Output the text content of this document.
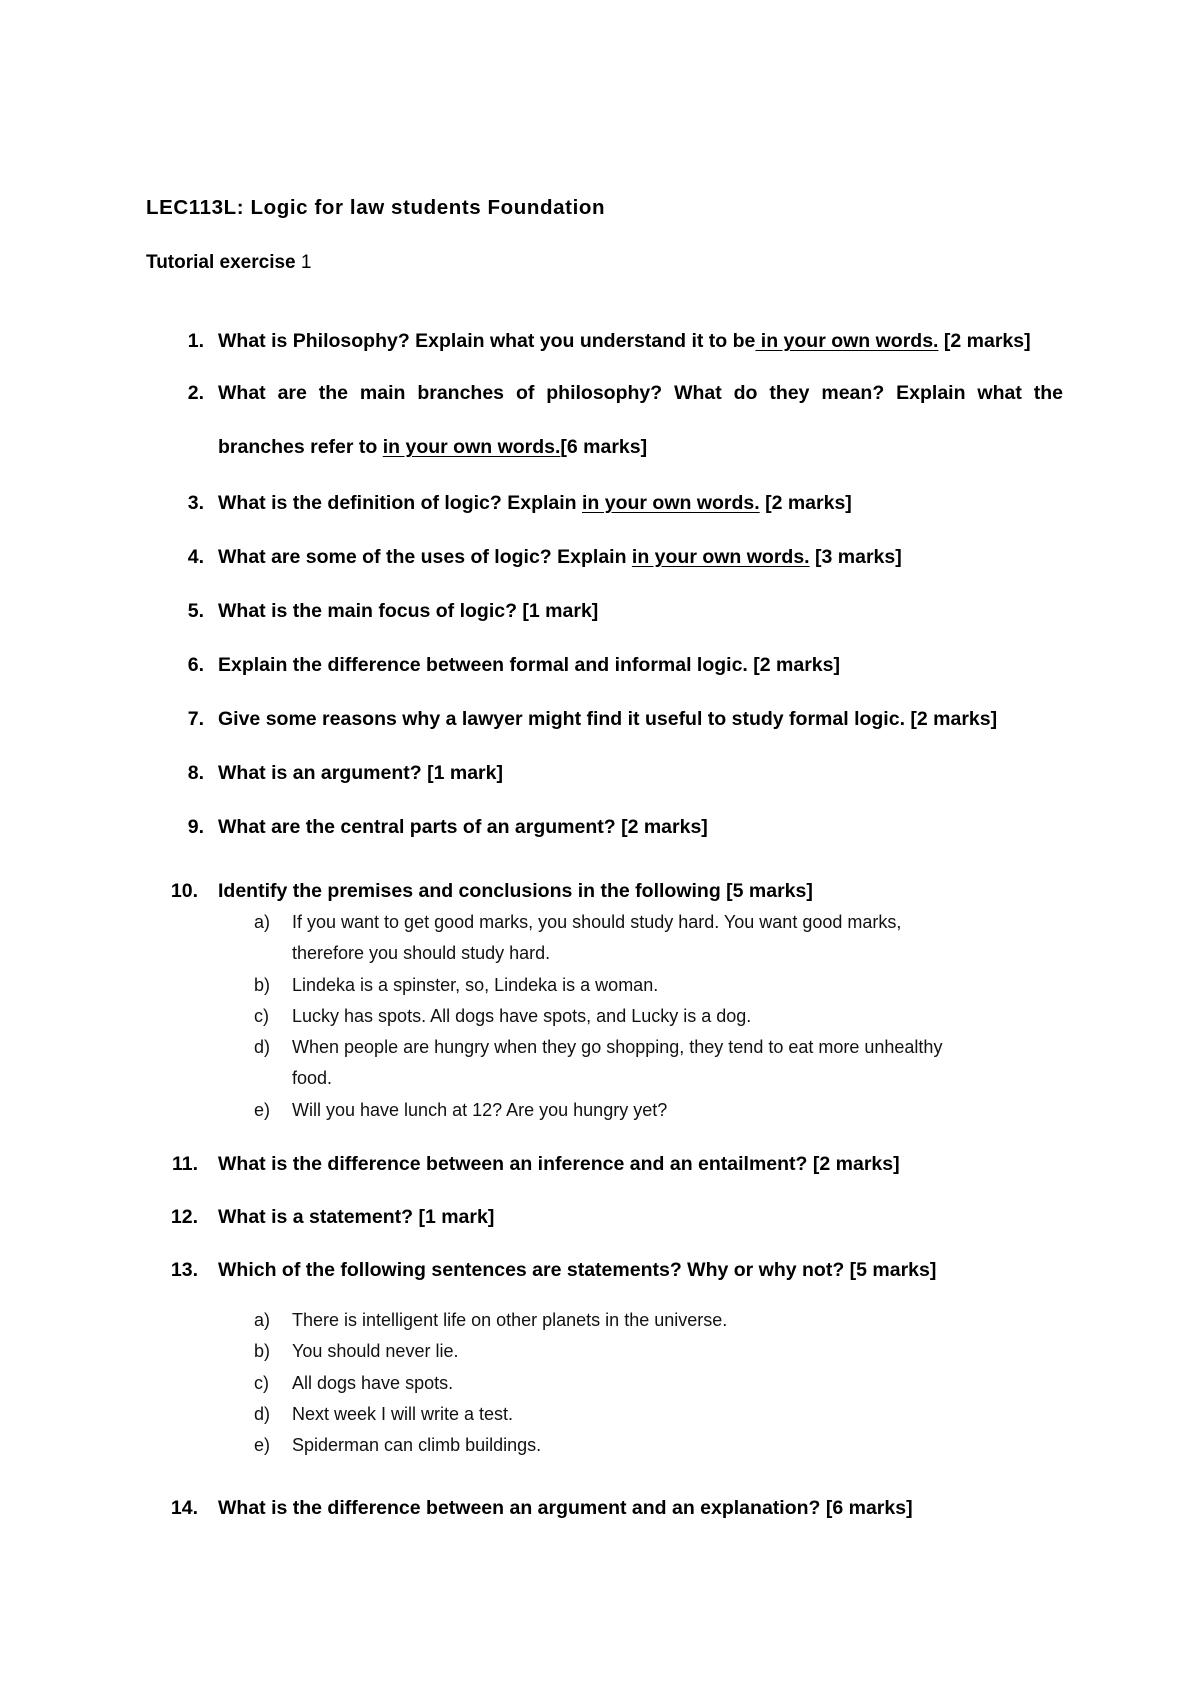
LEC113L: Logic for law students Foundation
Tutorial exercise 1
1. What is Philosophy? Explain what you understand it to be in your own words. [2 marks]
2. What are the main branches of philosophy? What do they mean? Explain what the
branches refer to in your own words.[6 marks]
3. What is the definition of logic? Explain in your own words. [2 marks]
4. What are some of the uses of logic? Explain in your own words. [3 marks]
5. What is the main focus of logic? [1 mark]
6. Explain the difference between formal and informal logic. [2 marks]
7. Give some reasons why a lawyer might find it useful to study formal logic. [2 marks]
8. What is an argument? [1 mark]
9. What are the central parts of an argument? [2 marks]
10.	Identify the premises and conclusions in the following [5 marks]
a)	If you want to get good marks, you should study hard. You want good marks,
therefore you should study hard.
b)	Lindeka is a spinster, so, Lindeka is a woman.
c)	Lucky has spots. All dogs have spots, and Lucky is a dog.
d)	When people are hungry when they go shopping, they tend to eat more unhealthy
food.
e)	Will you have lunch at 12? Are you hungry yet?
11.	What is the difference between an inference and an entailment? [2 marks]
12.	What is a statement? [1 mark]
13.	Which of the following sentences are statements? Why or why not? [5 marks]
a)	There is intelligent life on other planets in the universe.
b)	You should never lie.
c)	All dogs have spots.
d)	Next week I will write a test.
e)	Spiderman can climb buildings.
14.	What is the difference between an argument and an explanation? [6 marks]
